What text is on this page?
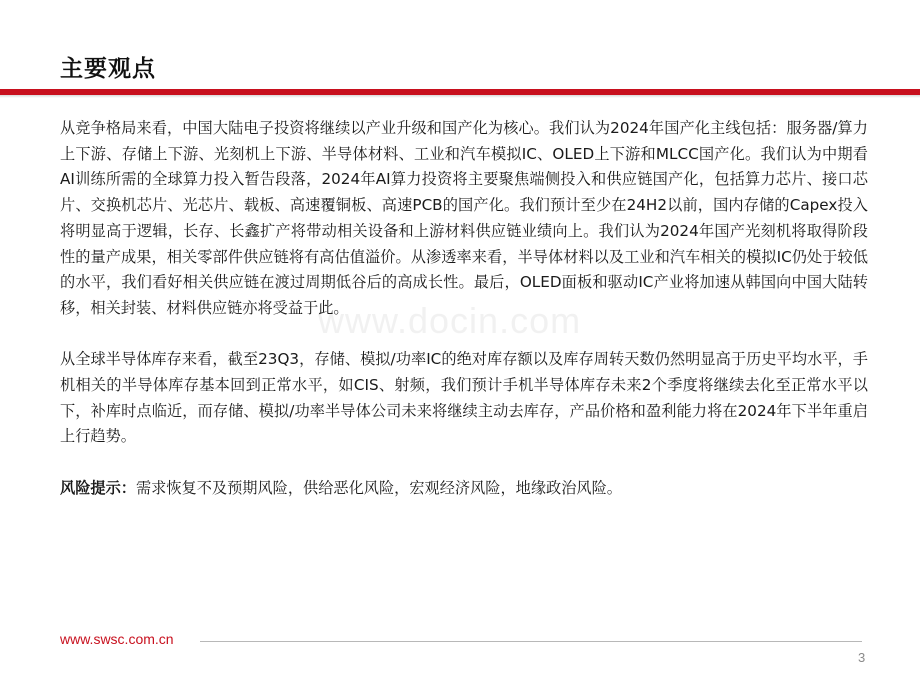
主要观点
www.docin.com

从竞争格局来看，中国大陆电子投资将继续以产业升级和国产化为核心。我们认为2024年国产化主线包括：服务器/算力上下游、存储上下游、光刻机上下游、半导体材料、工业和汽车模拟IC、OLED上下游和MLCC国产化。我们认为中期看AI训练所需的全球算力投入暂告段落，2024年AI算力投资将主要聚焦端侧投入和供应链国产化，包括算力芯片、接口芯片、交换机芯片、光芯片、载板、高速覆铜板、高速PCB的国产化。我们预计至少在24H2以前，国内存储的Capex投入将明显高于逻辑，长存、长鑫扩产将带动相关设备和上游材料供应链业绩向上。我们认为2024年国产光刻机将取得阶段性的量产成果，相关零部件供应链将有高估值溢价。从渗透率来看，半导体材料以及工业和汽车相关的模拟IC仍处于较低的水平，我们看好相关供应链在渡过周期低谷后的高成长性。最后，OLED面板和驱动IC产业将加速从韩国向中国大陆转移，相关封装、材料供应链亦将受益于此。

从全球半导体库存来看，截至23Q3，存储、模拟/功率IC的绝对库存额以及库存周转天数仍然明显高于历史平均水平，手机相关的半导体库存基本回到正常水平，如CIS、射频，我们预计手机半导体库存未来2个季度将继续去化至正常水平以下，补库时点临近，而存储、模拟/功率半导体公司未来将继续主动去库存，产品价格和盈利能力将在2024年下半年重启上行趋势。

风险提示：需求恢复不及预期风险，供给恶化风险，宏观经济风险，地缘政治风险。

www.swsc.com.cn
3
